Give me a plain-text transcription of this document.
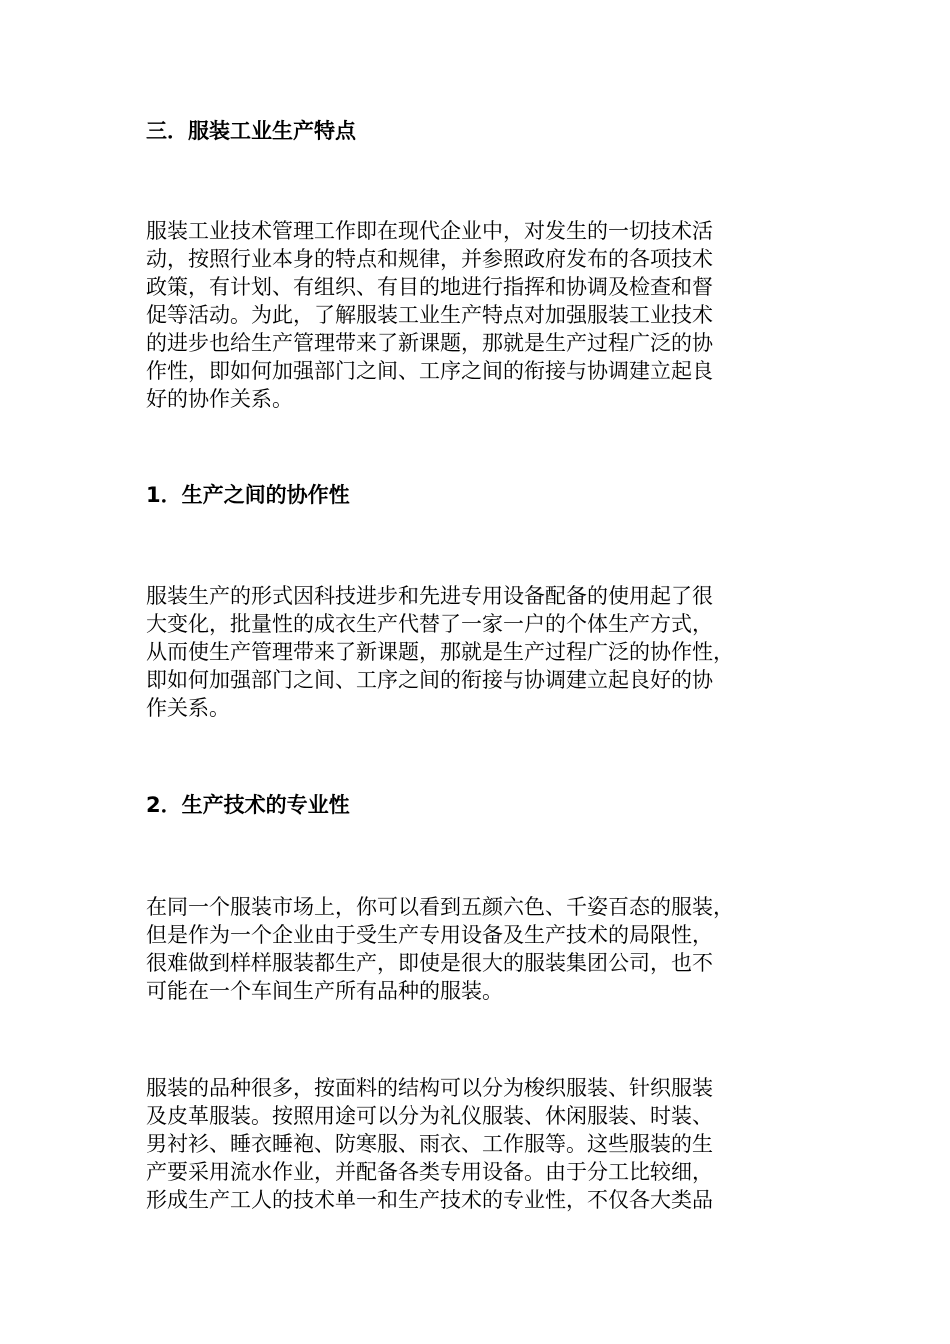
三．服装工业生产特点
服装工业技术管理工作即在现代企业中，对发生的一切技术活
动，按照行业本身的特点和规律，并参照政府发布的各项技术
政策，有计划、有组织、有目的地进行指挥和协调及检查和督
促等活动。为此，了解服装工业生产特点对加强服装工业技术
的进步也给生产管理带来了新课题，那就是生产过程广泛的协
作性，即如何加强部门之间、工序之间的衔接与协调建立起良
好的协作关系。
1．生产之间的协作性
服装生产的形式因科技进步和先进专用设备配备的使用起了很
大变化，批量性的成衣生产代替了一家一户的个体生产方式，
从而使生产管理带来了新课题，那就是生产过程广泛的协作性，
即如何加强部门之间、工序之间的衔接与协调建立起良好的协
作关系。
2．生产技术的专业性
在同一个服装市场上，你可以看到五颜六色、千姿百态的服装，
但是作为一个企业由于受生产专用设备及生产技术的局限性，
很难做到样样服装都生产，即使是很大的服装集团公司，也不
可能在一个车间生产所有品种的服装。
服装的品种很多，按面料的结构可以分为梭织服装、针织服装
及皮革服装。按照用途可以分为礼仪服装、休闲服装、时装、
男衬衫、睡衣睡袍、防寒服、雨衣、工作服等。这些服装的生
产要采用流水作业，并配备各类专用设备。由于分工比较细，
形成生产工人的技术单一和生产技术的专业性，不仅各大类品
